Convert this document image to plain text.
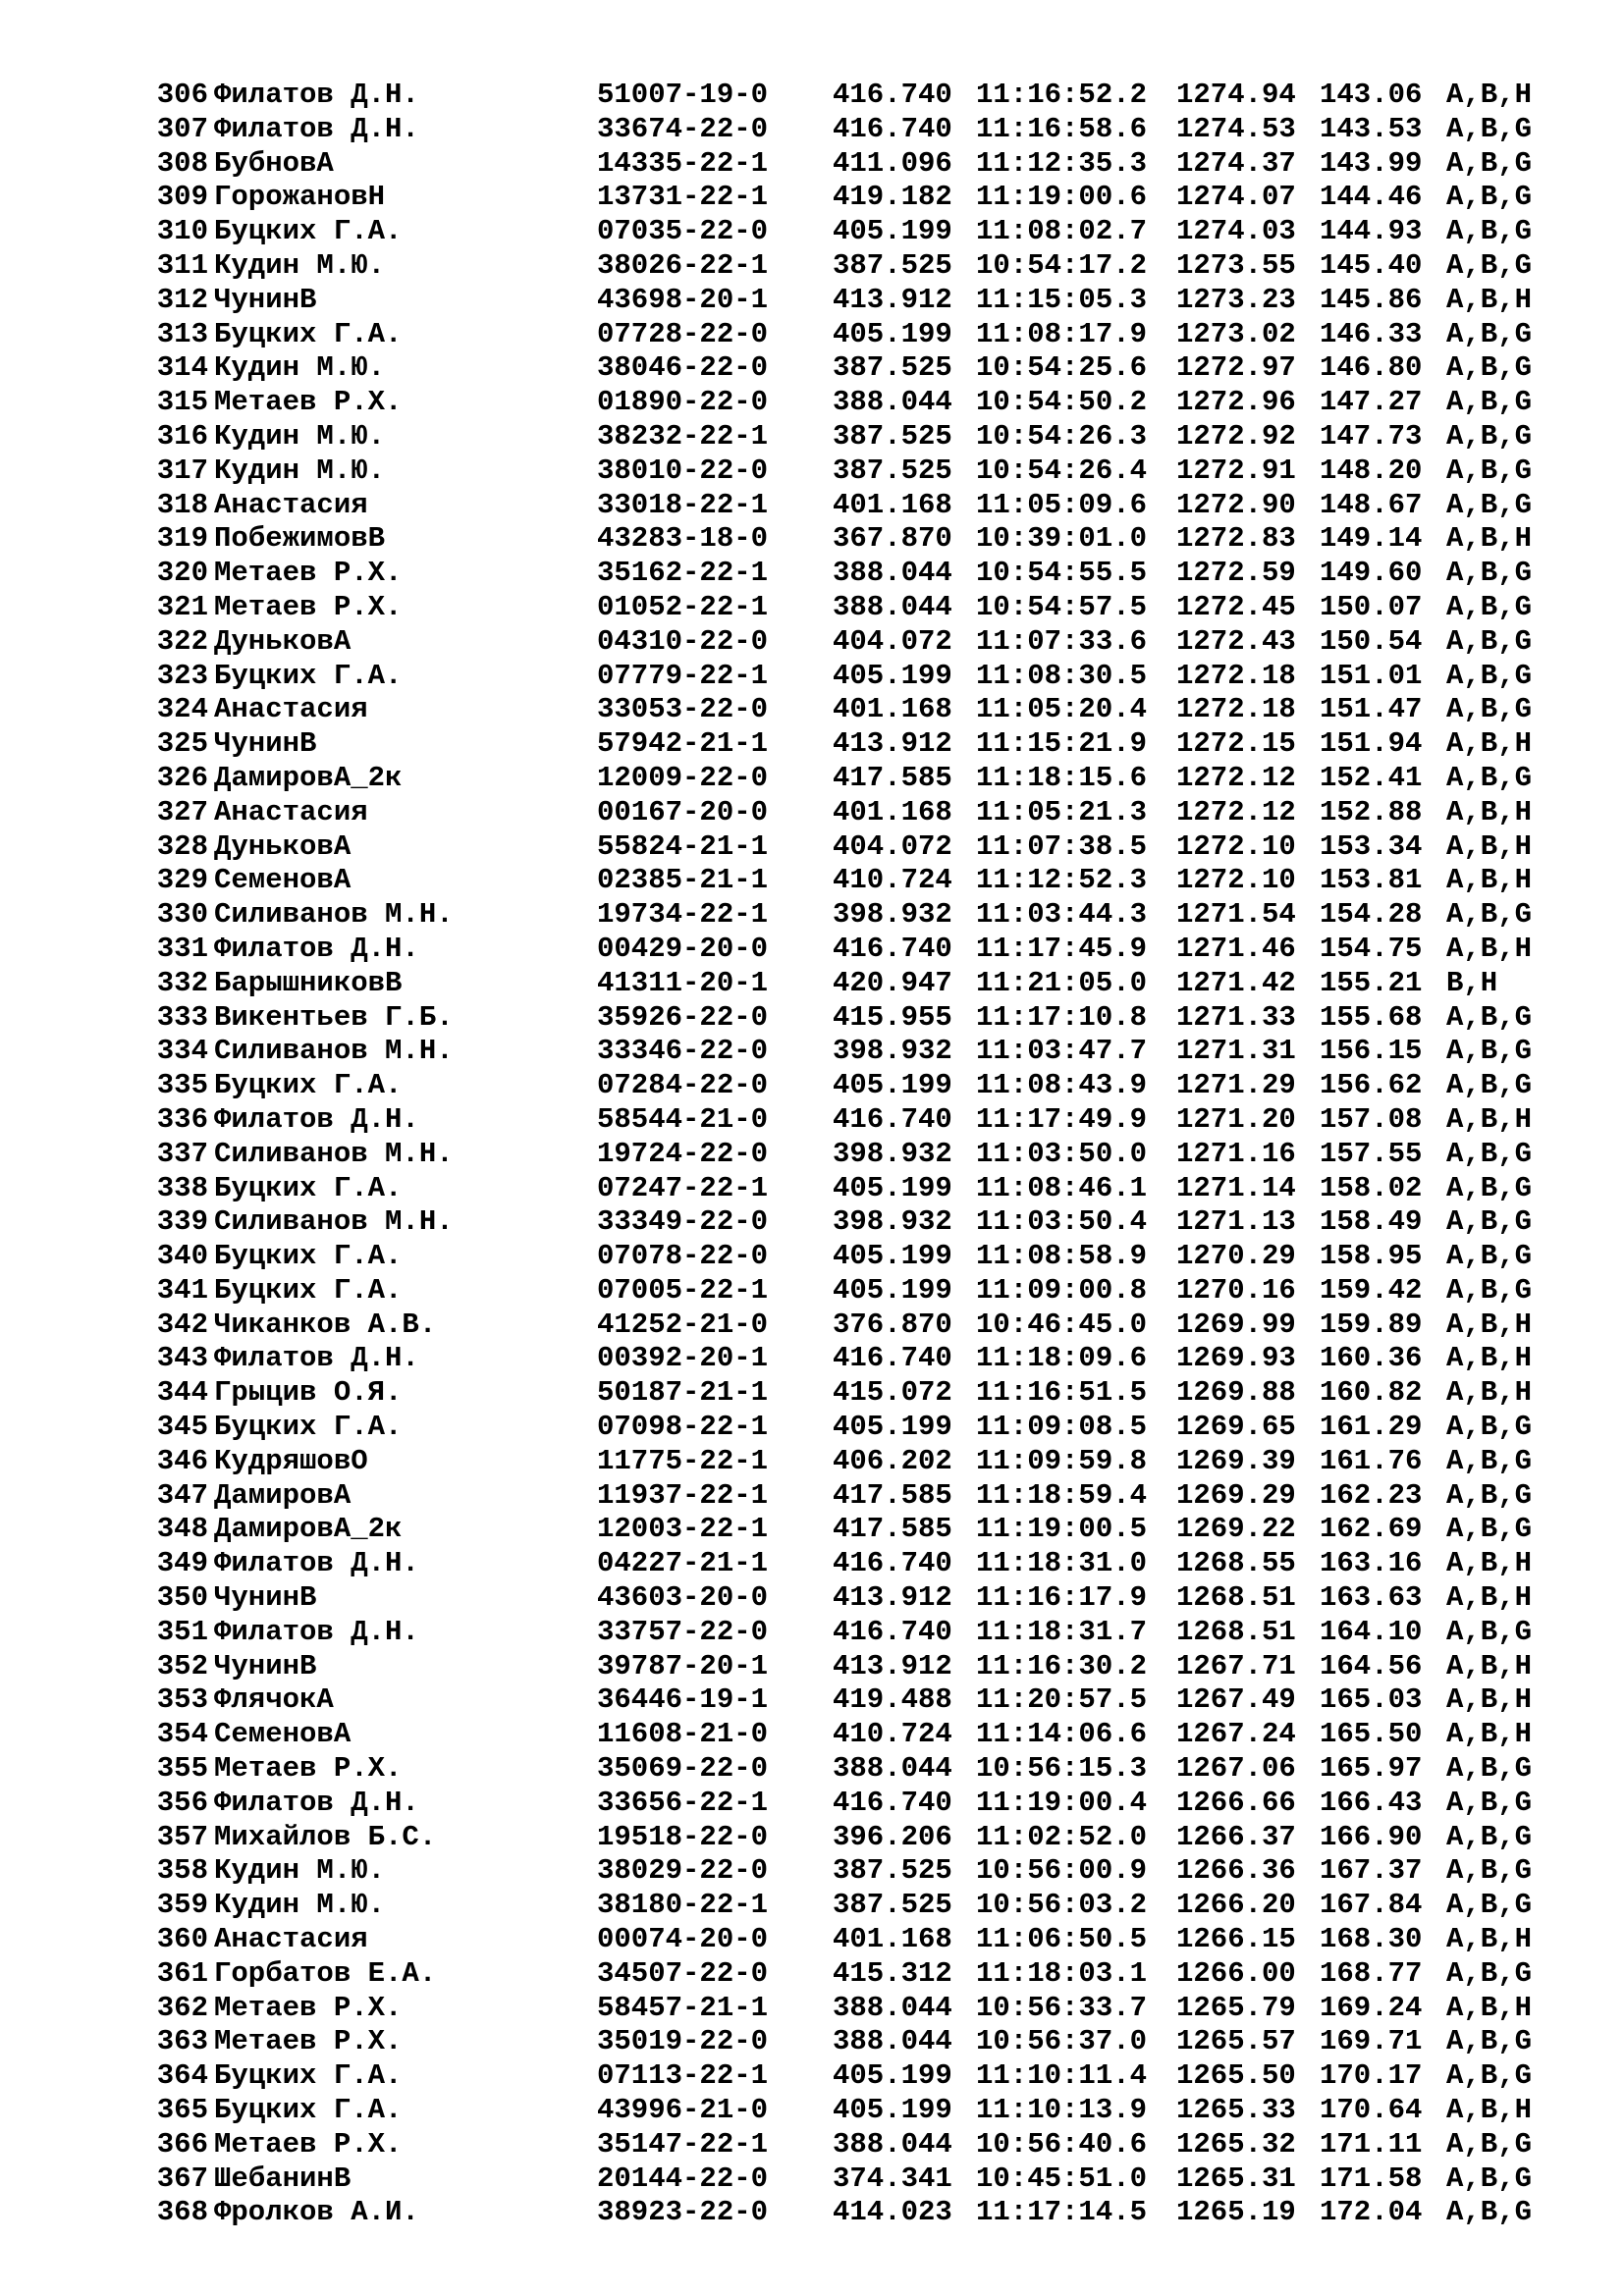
306 Филатов Д.Н.	51007-19-0 416.740 11:16:52.2 1274.94 143.06 A,B,H
307 Филатов Д.Н.	33674-22-0 416.740 11:16:58.6 1274.53 143.53 A,B,G
308 БубновА	14335-22-1 411.096 11:12:35.3 1274.37 143.99 A,B,G
309 ГорожановН	13731-22-1 419.182 11:19:00.6 1274.07 144.46 A,B,G
310 Буцких Г.А.	07035-22-0 405.199 11:08:02.7 1274.03 144.93 A,B,G
311 Кудин М.Ю.	38026-22-1 387.525 10:54:17.2 1273.55 145.40 A,B,G
312 ЧунинВ	43698-20-1 413.912 11:15:05.3 1273.23 145.86 A,B,H
313 Буцких Г.А.	07728-22-0 405.199 11:08:17.9 1273.02 146.33 A,B,G
314 Кудин М.Ю.	38046-22-0 387.525 10:54:25.6 1272.97 146.80 A,B,G
315 Метаев Р.Х.	01890-22-0 388.044 10:54:50.2 1272.96 147.27 A,B,G
316 Кудин М.Ю.	38232-22-1 387.525 10:54:26.3 1272.92 147.73 A,B,G
317 Кудин М.Ю.	38010-22-0 387.525 10:54:26.4 1272.91 148.20 A,B,G
318 Анастасия	33018-22-1 401.168 11:05:09.6 1272.90 148.67 A,B,G
319 ПобежимовВ	43283-18-0 367.870 10:39:01.0 1272.83 149.14 A,B,H
320 Метаев Р.Х.	35162-22-1 388.044 10:54:55.5 1272.59 149.60 A,B,G
321 Метаев Р.Х.	01052-22-1 388.044 10:54:57.5 1272.45 150.07 A,B,G
322 ДуньковА	04310-22-0 404.072 11:07:33.6 1272.43 150.54 A,B,G
323 Буцких Г.А.	07779-22-1 405.199 11:08:30.5 1272.18 151.01 A,B,G
324 Анастасия	33053-22-0 401.168 11:05:20.4 1272.18 151.47 A,B,G
325 ЧунинВ	57942-21-1 413.912 11:15:21.9 1272.15 151.94 A,B,H
326 ДамировА_2к	12009-22-0 417.585 11:18:15.6 1272.12 152.41 A,B,G
327 Анастасия	00167-20-0 401.168 11:05:21.3 1272.12 152.88 A,B,H
328 ДуньковА	55824-21-1 404.072 11:07:38.5 1272.10 153.34 A,B,H
329 СеменовА	02385-21-1 410.724 11:12:52.3 1272.10 153.81 A,B,H
330 Силиванов М.Н.	19734-22-1 398.932 11:03:44.3 1271.54 154.28 A,B,G
331 Филатов Д.Н.	00429-20-0 416.740 11:17:45.9 1271.46 154.75 A,B,H
332 БарышниковВ	41311-20-1 420.947 11:21:05.0 1271.42 155.21 B,H
333 Викентьев Г.Б.	35926-22-0 415.955 11:17:10.8 1271.33 155.68 A,B,G
334 Силиванов М.Н.	33346-22-0 398.932 11:03:47.7 1271.31 156.15 A,B,G
335 Буцких Г.А.	07284-22-0 405.199 11:08:43.9 1271.29 156.62 A,B,G
336 Филатов Д.Н.	58544-21-0 416.740 11:17:49.9 1271.20 157.08 A,B,H
337 Силиванов М.Н.	19724-22-0 398.932 11:03:50.0 1271.16 157.55 A,B,G
338 Буцких Г.А.	07247-22-1 405.199 11:08:46.1 1271.14 158.02 A,B,G
339 Силиванов М.Н.	33349-22-0 398.932 11:03:50.4 1271.13 158.49 A,B,G
340 Буцких Г.А.	07078-22-0 405.199 11:08:58.9 1270.29 158.95 A,B,G
341 Буцких Г.А.	07005-22-1 405.199 11:09:00.8 1270.16 159.42 A,B,G
342 Чиканков А.В.	41252-21-0 376.870 10:46:45.0 1269.99 159.89 A,B,H
343 Филатов Д.Н.	00392-20-1 416.740 11:18:09.6 1269.93 160.36 A,B,H
344 Грыцив О.Я.	50187-21-1 415.072 11:16:51.5 1269.88 160.82 A,B,H
345 Буцких Г.А.	07098-22-1 405.199 11:09:08.5 1269.65 161.29 A,B,G
346 КудряшовО	11775-22-1 406.202 11:09:59.8 1269.39 161.76 A,B,G
347 ДамировА	11937-22-1 417.585 11:18:59.4 1269.29 162.23 A,B,G
348 ДамировА_2к	12003-22-1 417.585 11:19:00.5 1269.22 162.69 A,B,G
349 Филатов Д.Н.	04227-21-1 416.740 11:18:31.0 1268.55 163.16 A,B,H
350 ЧунинВ	43603-20-0 413.912 11:16:17.9 1268.51 163.63 A,B,H
351 Филатов Д.Н.	33757-22-0 416.740 11:18:31.7 1268.51 164.10 A,B,G
352 ЧунинВ	39787-20-1 413.912 11:16:30.2 1267.71 164.56 A,B,H
353 ФлячокА	36446-19-1 419.488 11:20:57.5 1267.49 165.03 A,B,H
354 СеменовА	11608-21-0 410.724 11:14:06.6 1267.24 165.50 A,B,H
355 Метаев Р.Х.	35069-22-0 388.044 10:56:15.3 1267.06 165.97 A,B,G
356 Филатов Д.Н.	33656-22-1 416.740 11:19:00.4 1266.66 166.43 A,B,G
357 Михайлов Б.С.	19518-22-0 396.206 11:02:52.0 1266.37 166.90 A,B,G
358 Кудин М.Ю.	38029-22-0 387.525 10:56:00.9 1266.36 167.37 A,B,G
359 Кудин М.Ю.	38180-22-1 387.525 10:56:03.2 1266.20 167.84 A,B,G
360 Анастасия	00074-20-0 401.168 11:06:50.5 1266.15 168.30 A,B,H
361 Горбатов Е.А.	34507-22-0 415.312 11:18:03.1 1266.00 168.77 A,B,G
362 Метаев Р.Х.	58457-21-1 388.044 10:56:33.7 1265.79 169.24 A,B,H
363 Метаев Р.Х.	35019-22-0 388.044 10:56:37.0 1265.57 169.71 A,B,G
364 Буцких Г.А.	07113-22-1 405.199 11:10:11.4 1265.50 170.17 A,B,G
365 Буцких Г.А.	43996-21-0 405.199 11:10:13.9 1265.33 170.64 A,B,H
366 Метаев Р.Х.	35147-22-1 388.044 10:56:40.6 1265.32 171.11 A,B,G
367 ШебанинВ	20144-22-0 374.341 10:45:51.0 1265.31 171.58 A,B,G
368 Фролков А.И.	38923-22-0 414.023 11:17:14.5 1265.19 172.04 A,B,G
